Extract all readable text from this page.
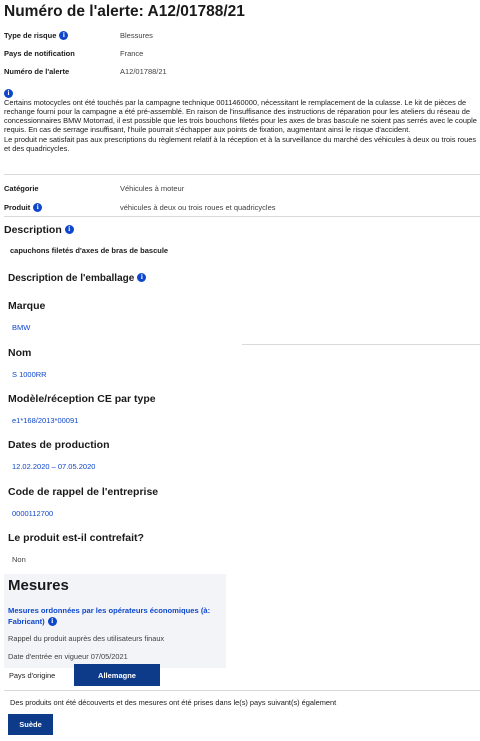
Numéro de l'alerte: A12/01788/21
Type de risque i	Blessures
Pays de notification	France
Numéro de l'alerte	A12/01788/21
i
Certains motocycles ont été touchés par la campagne technique 0011460000, nécessitant le remplacement de la culasse. Le kit de pièces de rechange fourni pour la campagne a été pré-assemblé. En raison de l'insuffisance des instructions de réparation pour les ateliers du réseau de concessionnaires BMW Motorrad, il est possible que les trois bouchons filetés pour les axes de bras bascule ne soient pas serrés avec le couple requis. En cas de serrage insuffisant, l'huile pourrait s'échapper aux points de fixation, augmentant ainsi le risque d'accident.
Le produit ne satisfait pas aux prescriptions du règlement relatif à la réception et à la surveillance du marché des véhicules à deux ou trois roues et des quadricycles.
Catégorie	Véhicules à moteur
Produit i	véhicules à deux ou trois roues et quadricycles
Description i
capuchons filetés d'axes de bras de bascule
Description de l'emballage i
Marque
BMW
Nom
S 1000RR
Modèle/réception CE par type
e1*168/2013*00091
Dates de production
12.02.2020 – 07.05.2020
Code de rappel de l'entreprise
0000112700
Le produit est-il contrefait?
Non
Mesures
Mesures ordonnées par les opérateurs économiques (à: Fabricant) i
Rappel du produit auprès des utilisateurs finaux
Date d'entrée en vigueur 07/05/2021
Pays d'origine	Allemagne
Des produits ont été découverts et des mesures ont été prises dans le(s) pays suivant(s) également
Suède
